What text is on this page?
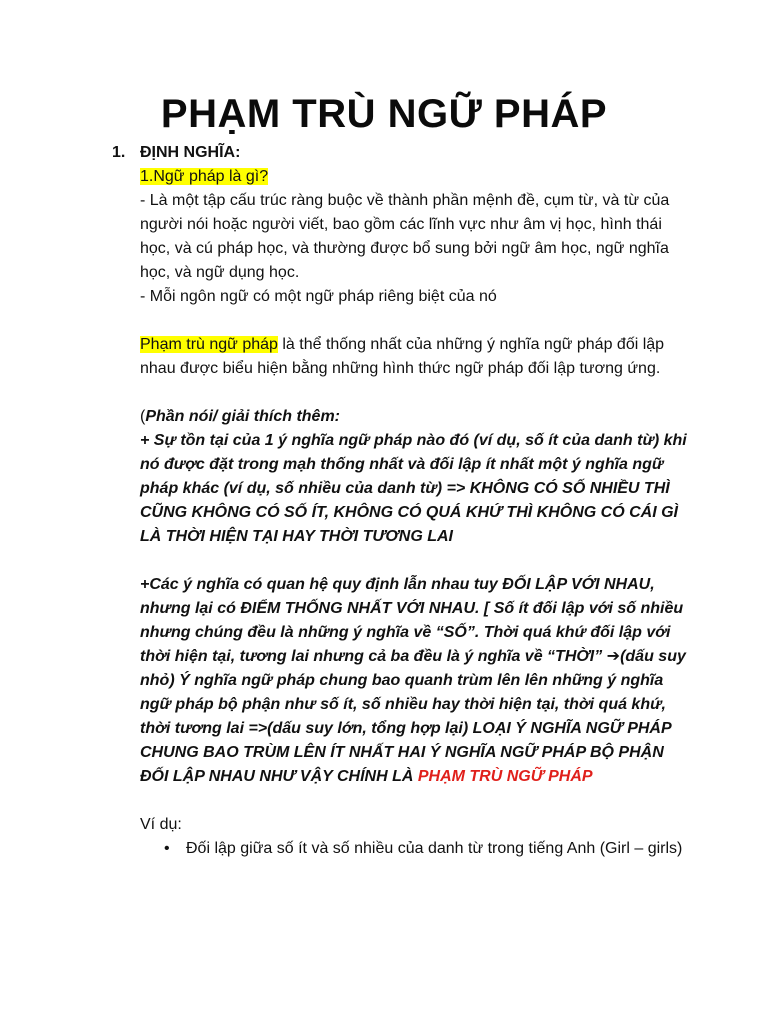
PHẠM TRÙ NGỮ PHÁP
1. ĐỊNH NGHĨA:
1.Ngữ pháp là gì?
- Là một tập cấu trúc ràng buộc về thành phần mệnh đề, cụm từ, và từ của người nói hoặc người viết, bao gồm các lĩnh vực như âm vị học, hình thái học, và cú pháp học, và thường được bổ sung bởi ngữ âm học, ngữ nghĩa học, và ngữ dụng học.
- Mỗi ngôn ngữ có một ngữ pháp riêng biệt của nó
Phạm trù ngữ pháp là thể thống nhất của những ý nghĩa ngữ pháp đối lập nhau được biểu hiện bằng những hình thức ngữ pháp đối lập tương ứng.
(Phần nói/ giải thích thêm:
+ Sự tồn tại của 1 ý nghĩa ngữ pháp nào đó (ví dụ, số ít của danh từ) khi nó được đặt trong mạh thống nhất và đối lập ít nhất một ý nghĩa ngữ pháp khác (ví dụ, số nhiều của danh từ) => KHÔNG CÓ SỐ NHIỀU THÌ CŨNG KHÔNG CÓ SỐ ÍT, KHÔNG CÓ QUÁ KHỨ THÌ KHÔNG CÓ CÁI GÌ LÀ THỜI HIỆN TẠI HAY THỜI TƯƠNG LAI
+Các ý nghĩa có quan hệ quy định lẫn nhau tuy ĐỐI LẬP VỚI NHAU, nhưng lại có ĐIỂM THỐNG NHẤT VỚI NHAU. [ Số ít đối lập với số nhiều nhưng chúng đều là những ý nghĩa về “SỐ”. Thời quá khứ đối lập với thời hiện tại, tương lai nhưng cả ba đều là ý nghĩa về “THỜI” ➔(dấu suy nhỏ) Ý nghĩa ngữ pháp chung bao quanh trùm lên lên những ý nghĩa ngữ pháp bộ phận như số ít, số nhiều hay thời hiện tại, thời quá khứ, thời tương lai =>(dấu suy lớn, tổng hợp lại) LOẠI Ý NGHĨA NGỮ PHÁP CHUNG BAO TRÙM LÊN ÍT NHẤT HAI Ý NGHĨA NGỮ PHÁP BỘ PHẬN ĐỐI LẬP NHAU NHƯ VẬY CHÍNH LÀ PHẠM TRÙ NGỮ PHÁP
Ví dụ:
• Đối lập giữa số ít và số nhiều của danh từ trong tiếng Anh (Girl – girls)
